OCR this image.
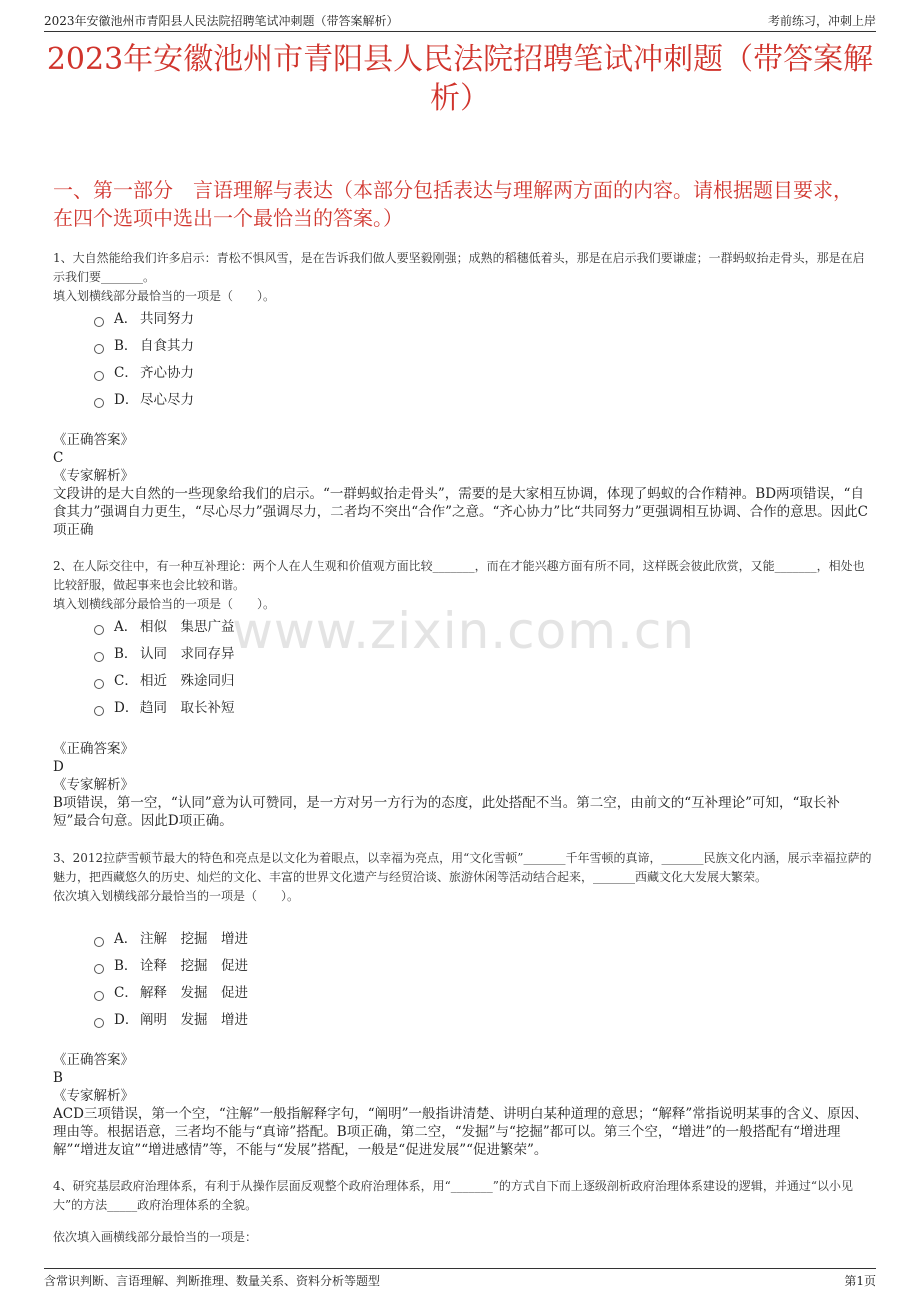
2023年安徽池州市青阳县人民法院招聘笔试冲刺题（带答案解析）	考前练习，冲刺上岸
2023年安徽池州市青阳县人民法院招聘笔试冲刺题（带答案解析）
一、第一部分　言语理解与表达（本部分包括表达与理解两方面的内容。请根据题目要求，在四个选项中选出一个最恰当的答案。）
www.zixin.com.cn
1、大自然能给我们许多启示：青松不惧风雪，是在告诉我们做人要坚毅刚强；成熟的稻穗低着头，那是在启示我们要谦虚；一群蚂蚁抬走骨头，那是在启示我们要_______。
填入划横线部分最恰当的一项是（　　）。
A． 共同努力
B． 自食其力
C． 齐心协力
D． 尽心尽力
《正确答案》
C
《专家解析》
文段讲的是大自然的一些现象给我们的启示。“一群蚂蚁抬走骨头”，需要的是大家相互协调，体现了蚂蚁的合作精神。BD两项错误，“自食其力”强调自力更生，“尽心尽力”强调尽力，二者均不突出“合作”之意。“齐心协力”比“共同努力”更强调相互协调、合作的意思。因此C项正确
2、在人际交往中，有一种互补理论：两个人在人生观和价值观方面比较_______，而在才能兴趣方面有所不同，这样既会彼此欣赏，又能_______，相处也比较舒服，做起事来也会比较和谐。
填入划横线部分最恰当的一项是（　　）。
A． 相似　集思广益
B． 认同　求同存异
C． 相近　殊途同归
D． 趋同　取长补短
《正确答案》
D
《专家解析》
B项错误，第一空，“认同”意为认可赞同，是一方对另一方行为的态度，此处搭配不当。第二空，由前文的“互补理论”可知，“取长补短”最合句意。因此D项正确。
3、2012拉萨雪顿节最大的特色和亮点是以文化为着眼点，以幸福为亮点，用“文化雪顿”_______千年雪顿的真谛，_______民族文化内涵，展示幸福拉萨的魅力，把西藏悠久的历史、灿烂的文化、丰富的世界文化遗产与经贸洽谈、旅游休闲等活动结合起来，_______西藏文化大发展大繁荣。
依次填入划横线部分最恰当的一项是（　　）。
A． 注解　挖掘　增进
B． 诠释　挖掘　促进
C． 解释　发掘　促进
D． 阐明　发掘　增进
《正确答案》
B
《专家解析》
ACD三项错误，第一个空，“注解”一般指解释字句，“阐明”一般指讲清楚、讲明白某种道理的意思；“解释”常指说明某事的含义、原因、理由等。根据语意，三者均不能与“真谛”搭配。B项正确，第二空，“发掘”与“挖掘”都可以。第三个空，“增进”的一般搭配有“增进理解”“增进友谊”“增进感情”等，不能与“发展”搭配，一般是“促进发展”“促进繁荣”。
4、研究基层政府治理体系，有利于从操作层面反观整个政府治理体系，用“_______”的方式自下而上逐级剖析政府治理体系建设的逻辑，并通过“以小见大”的方法_____政府治理体系的全貌。
依次填入画横线部分最恰当的一项是：
含常识判断、言语理解、判断推理、数量关系、资料分析等题型	第1页
